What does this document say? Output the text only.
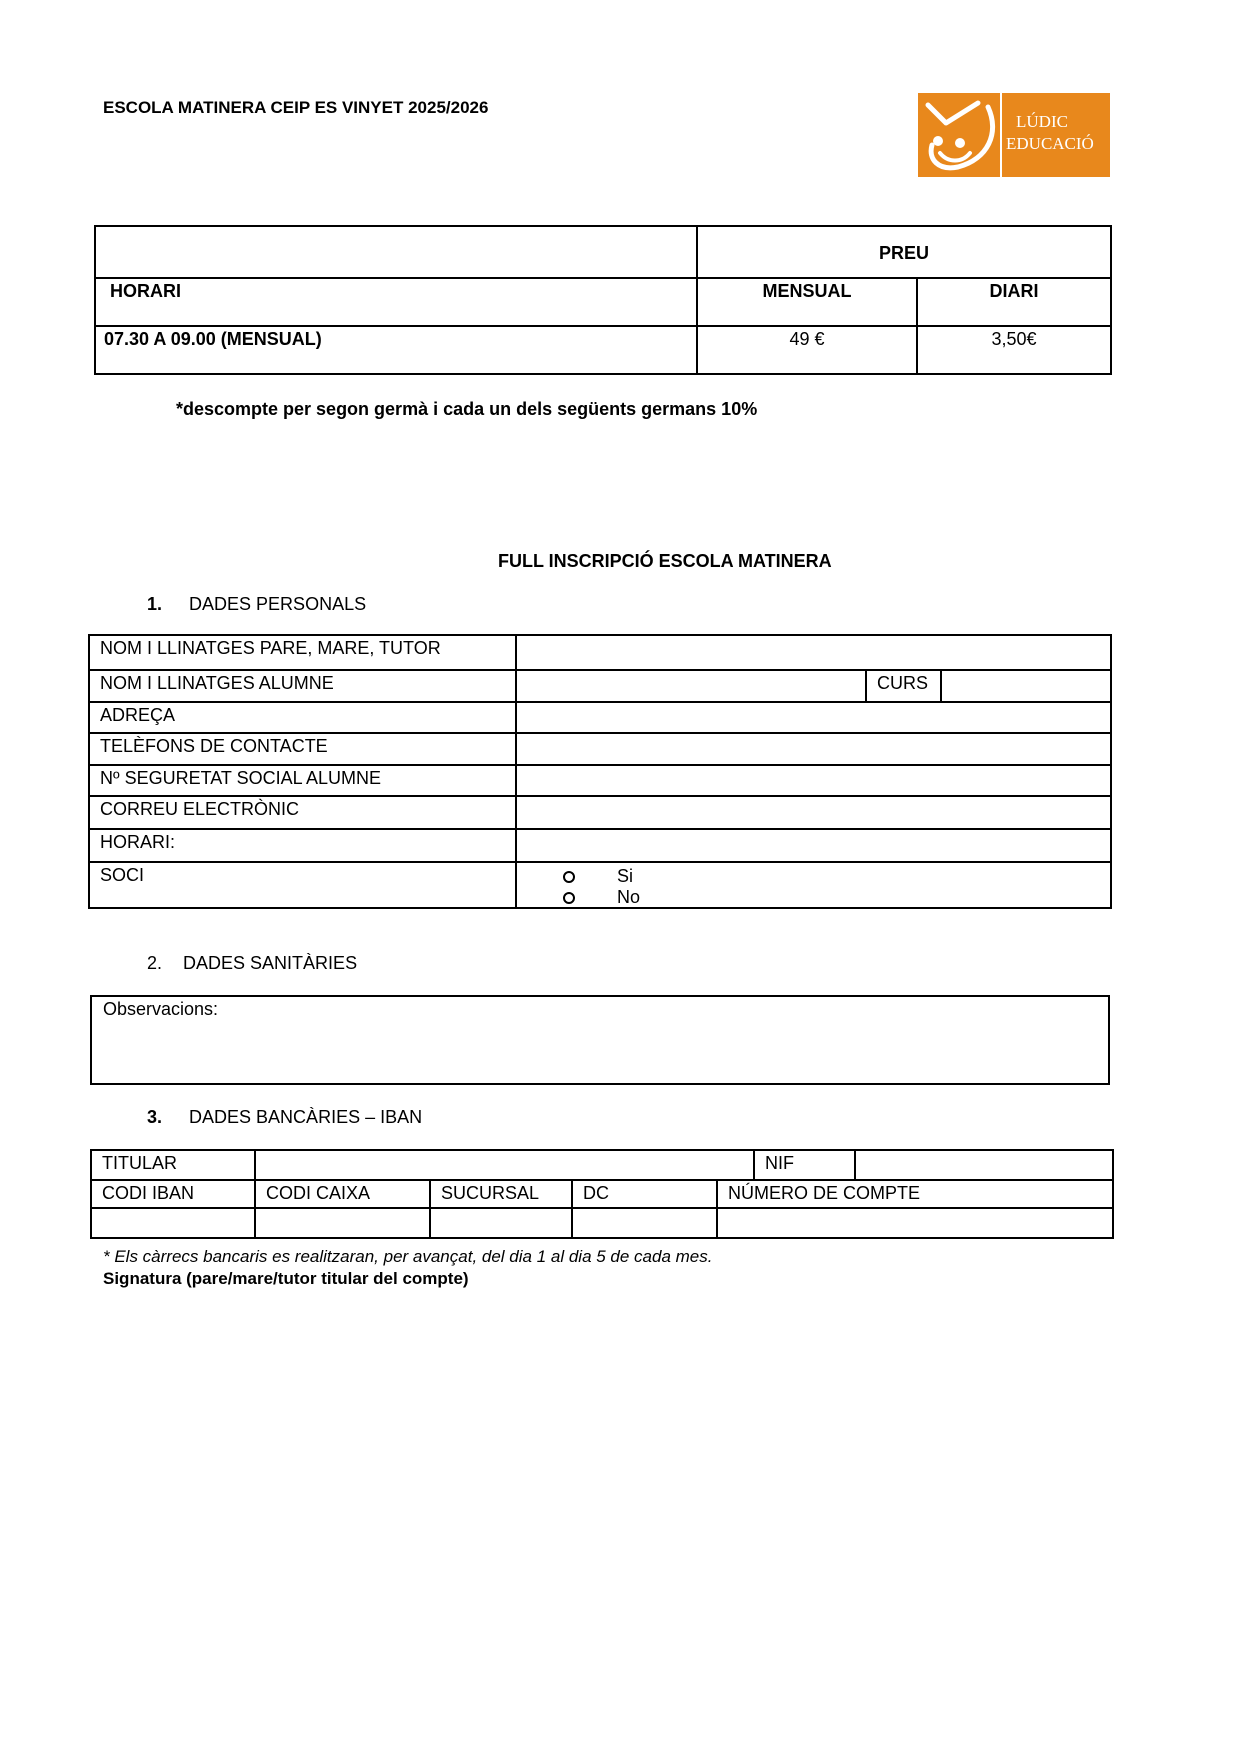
ESCOLA MATINERA CEIP ES VINYET 2025/2026
LÚDIC
EDUCACIÓ
	PREU	
HORARI	MENSUAL	DIARI
07.30 A 09.00 (MENSUAL)	49 €	3,50€
*descompte per segon germà i cada un dels següents germans 10%
FULL INSCRIPCIÓ ESCOLA MATINERA
1. DADES PERSONALS
NOM I LLINATGES PARE, MARE, TUTOR			
NOM I LLINATGES ALUMNE		CURS	
ADREÇA			
TELÈFONS DE CONTACTE			
Nº SEGURETAT SOCIAL ALUMNE			
CORREU ELECTRÒNIC			
HORARI:			
SOCI	Si
No		
2. DADES SANITÀRIES
Observacions:
3. DADES BANCÀRIES – IBAN
TITULAR					NIF	
CODI IBAN	CODI CAIXA	SUCURSAL	DC	NÚMERO DE COMPTE		

* Els càrrecs bancaris es realitzaran, per avançat, del dia 1 al dia 5 de cada mes.
Signatura (pare/mare/tutor titular del compte)
